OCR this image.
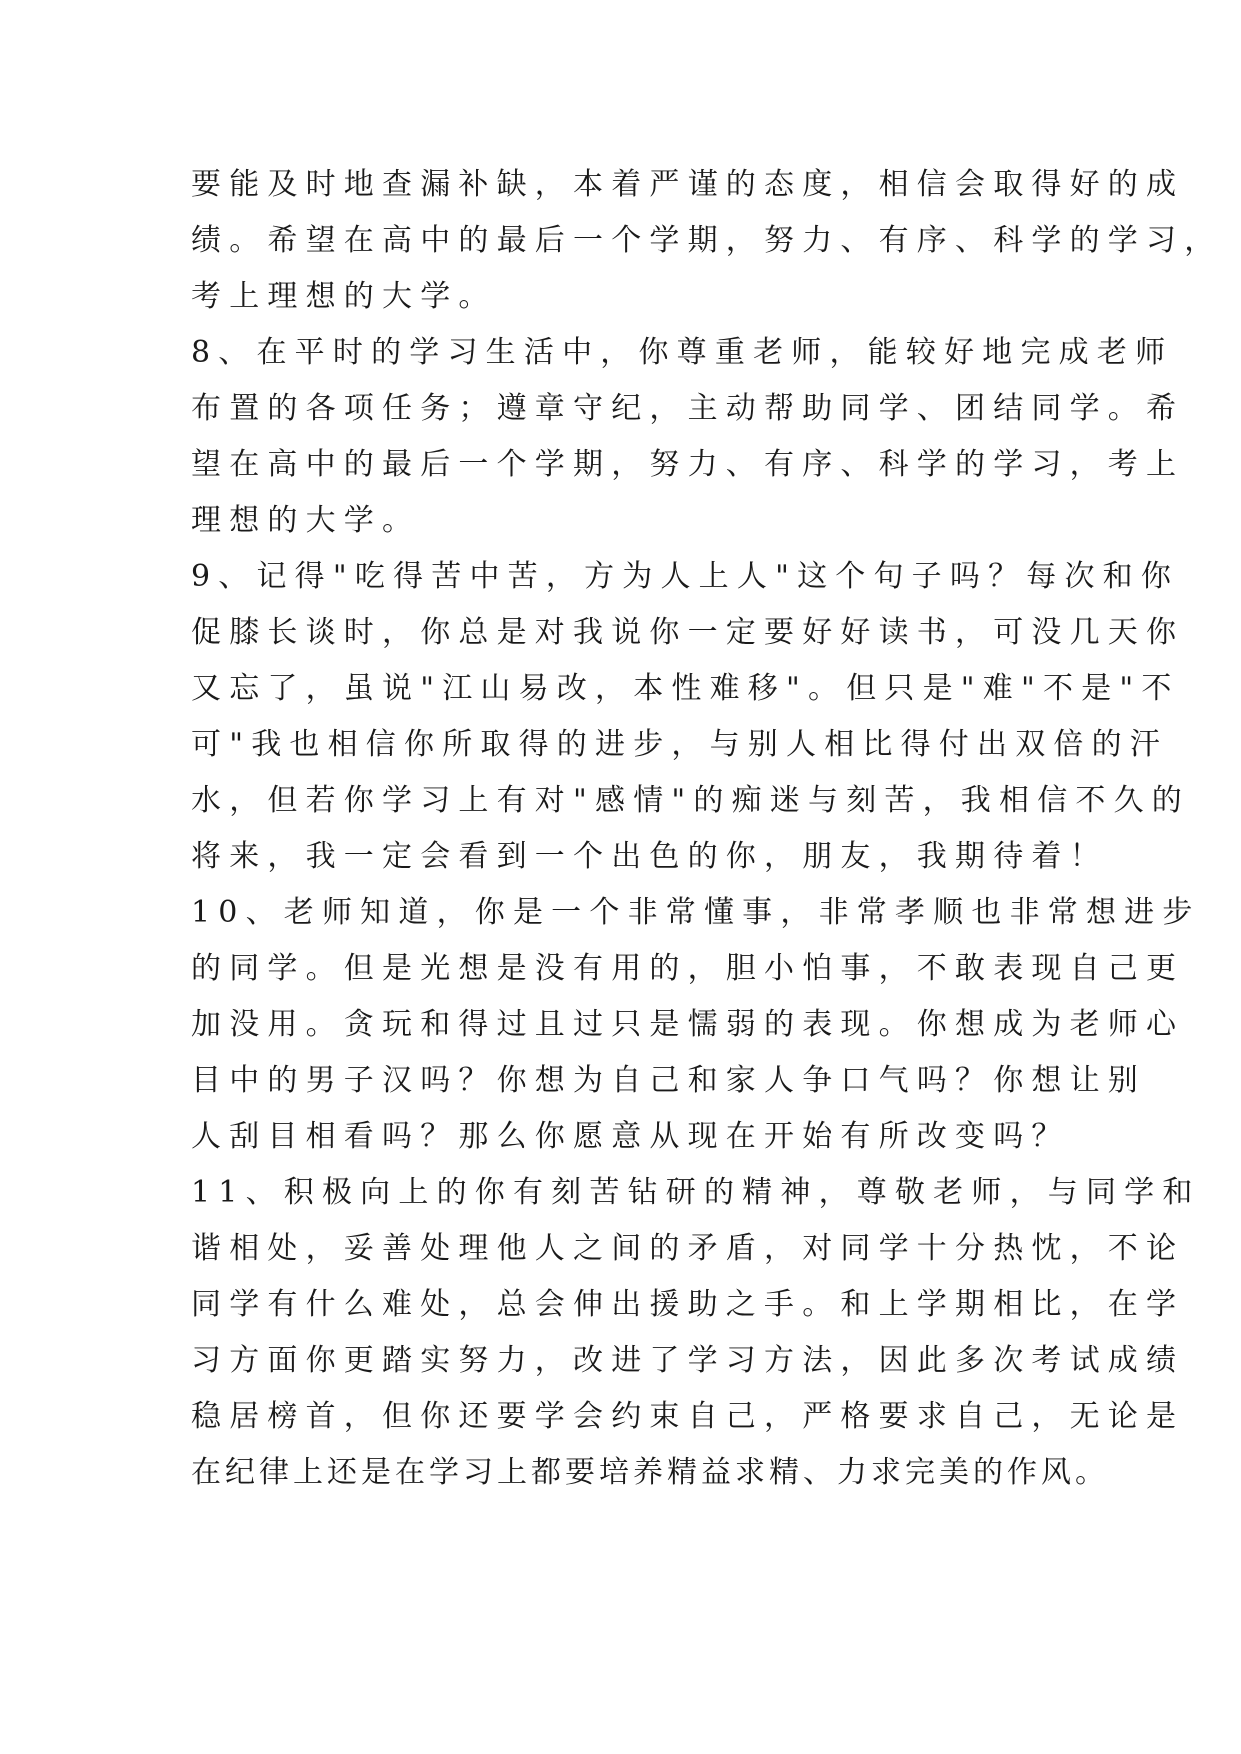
要能及时地查漏补缺，本着严谨的态度，相信会取得好的成
绩。希望在高中的最后一个学期，努力、有序、科学的学习，
考上理想的大学。
8、在平时的学习生活中，你尊重老师，能较好地完成老师
布置的各项任务；遵章守纪，主动帮助同学、团结同学。希
望在高中的最后一个学期，努力、有序、科学的学习，考上
理想的大学。
9、记得"吃得苦中苦，方为人上人"这个句子吗？每次和你
促膝长谈时，你总是对我说你一定要好好读书，可没几天你
又忘了，虽说"江山易改，本性难移"。但只是"难"不是"不
可"我也相信你所取得的进步，与别人相比得付出双倍的汗
水，但若你学习上有对"感情"的痴迷与刻苦，我相信不久的
将来，我一定会看到一个出色的你，朋友，我期待着！
10、老师知道，你是一个非常懂事，非常孝顺也非常想进步
的同学。但是光想是没有用的，胆小怕事，不敢表现自己更
加没用。贪玩和得过且过只是懦弱的表现。你想成为老师心
目中的男子汉吗？你想为自己和家人争口气吗？你想让别
人刮目相看吗？那么你愿意从现在开始有所改变吗？
11、积极向上的你有刻苦钻研的精神，尊敬老师，与同学和
谐相处，妥善处理他人之间的矛盾，对同学十分热忱，不论
同学有什么难处，总会伸出援助之手。和上学期相比，在学
习方面你更踏实努力，改进了学习方法，因此多次考试成绩
稳居榜首，但你还要学会约束自己，严格要求自己，无论是
在纪律上还是在学习上都要培养精益求精、力求完美的作风。
